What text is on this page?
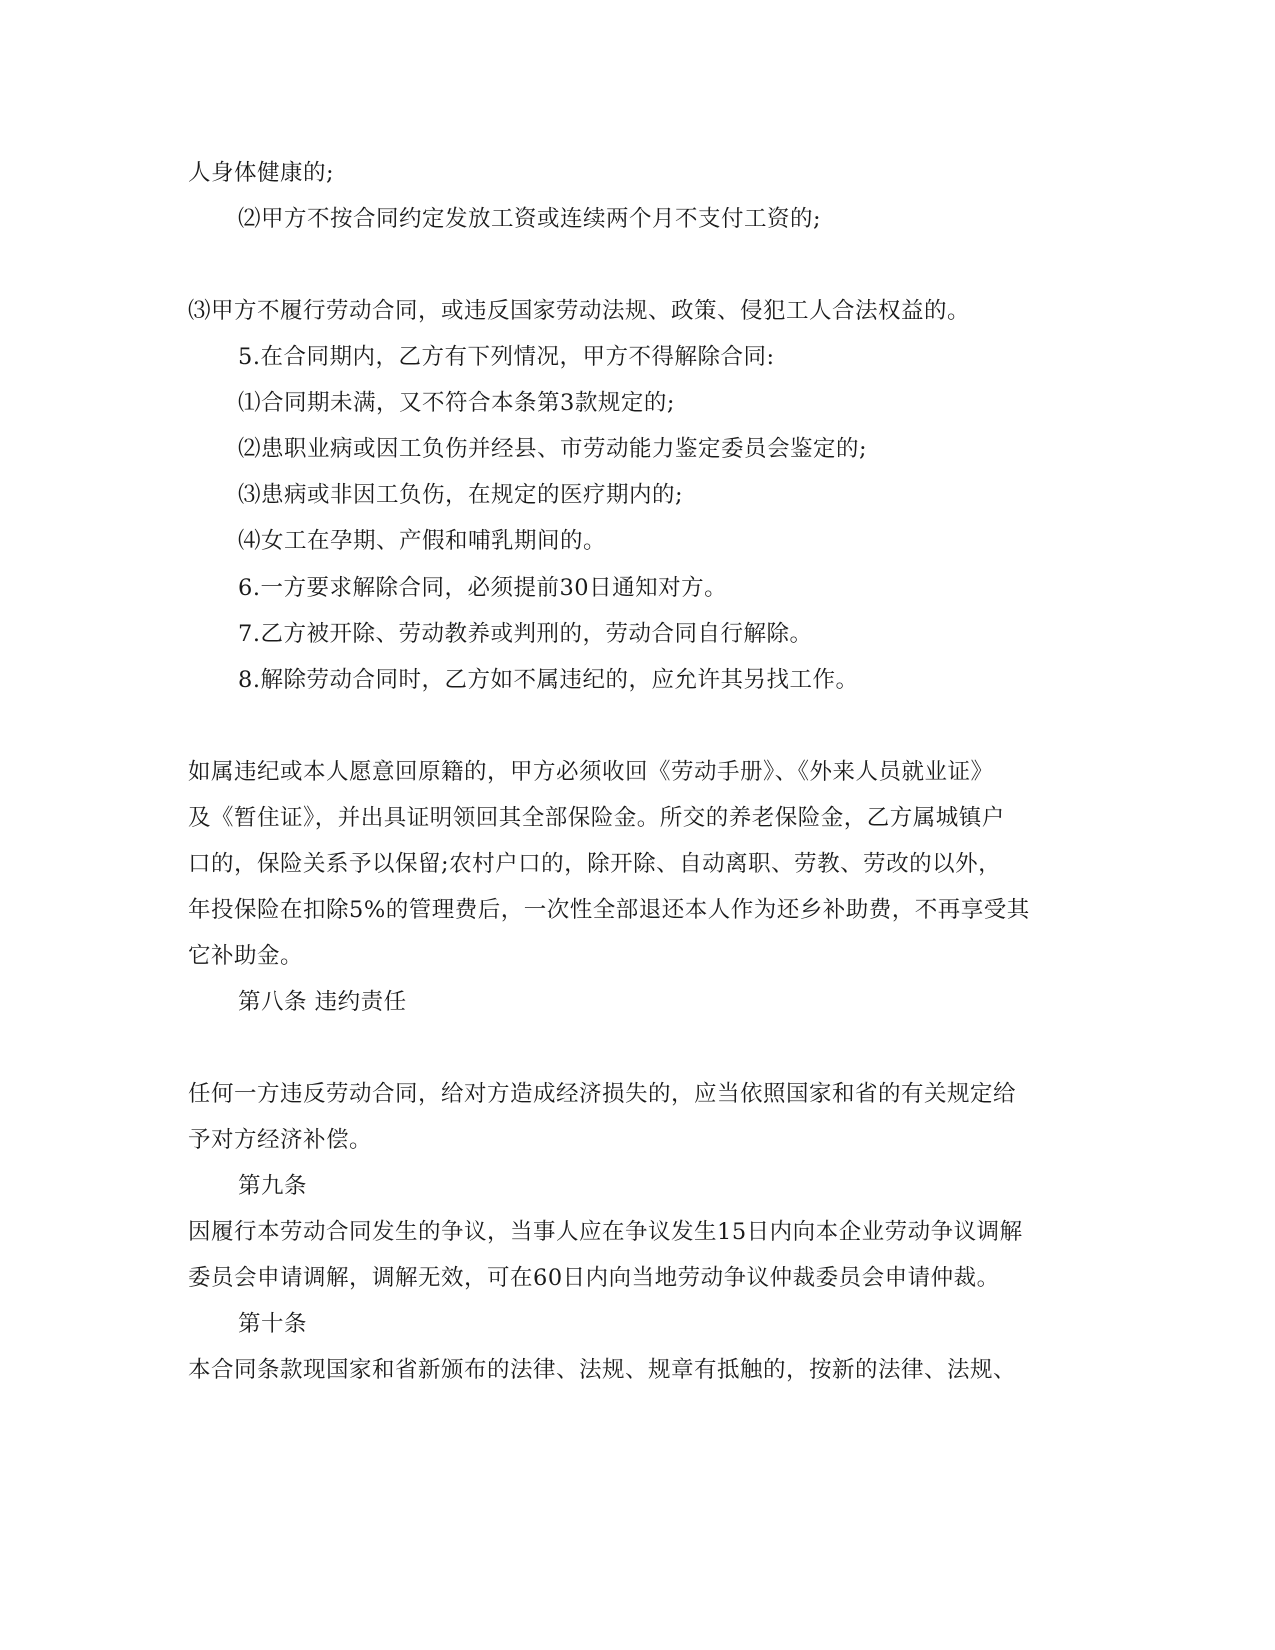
人身体健康的;
⑵甲方不按合同约定发放工资或连续两个月不支付工资的;
⑶甲方不履行劳动合同，或违反国家劳动法规、政策、侵犯工人合法权益的。
5.在合同期内，乙方有下列情况，甲方不得解除合同:
⑴合同期未满，又不符合本条第3款规定的;
⑵患职业病或因工负伤并经县、市劳动能力鉴定委员会鉴定的;
⑶患病或非因工负伤，在规定的医疗期内的;
⑷女工在孕期、产假和哺乳期间的。
6.一方要求解除合同，必须提前30日通知对方。
7.乙方被开除、劳动教养或判刑的，劳动合同自行解除。
8.解除劳动合同时，乙方如不属违纪的，应允许其另找工作。
如属违纪或本人愿意回原籍的，甲方必须收回《劳动手册》、《外来人员就业证》
及《暂住证》，并出具证明领回其全部保险金。所交的养老保险金，乙方属城镇户
口的，保险关系予以保留;农村户口的，除开除、自动离职、劳教、劳改的以外，
年投保险在扣除5%的管理费后，一次性全部退还本人作为还乡补助费，不再享受其
它补助金。
第八条 违约责任
任何一方违反劳动合同，给对方造成经济损失的，应当依照国家和省的有关规定给
予对方经济补偿。
第九条
因履行本劳动合同发生的争议，当事人应在争议发生15日内向本企业劳动争议调解
委员会申请调解，调解无效，可在60日内向当地劳动争议仲裁委员会申请仲裁。
第十条
本合同条款现国家和省新颁布的法律、法规、规章有抵触的，按新的法律、法规、
